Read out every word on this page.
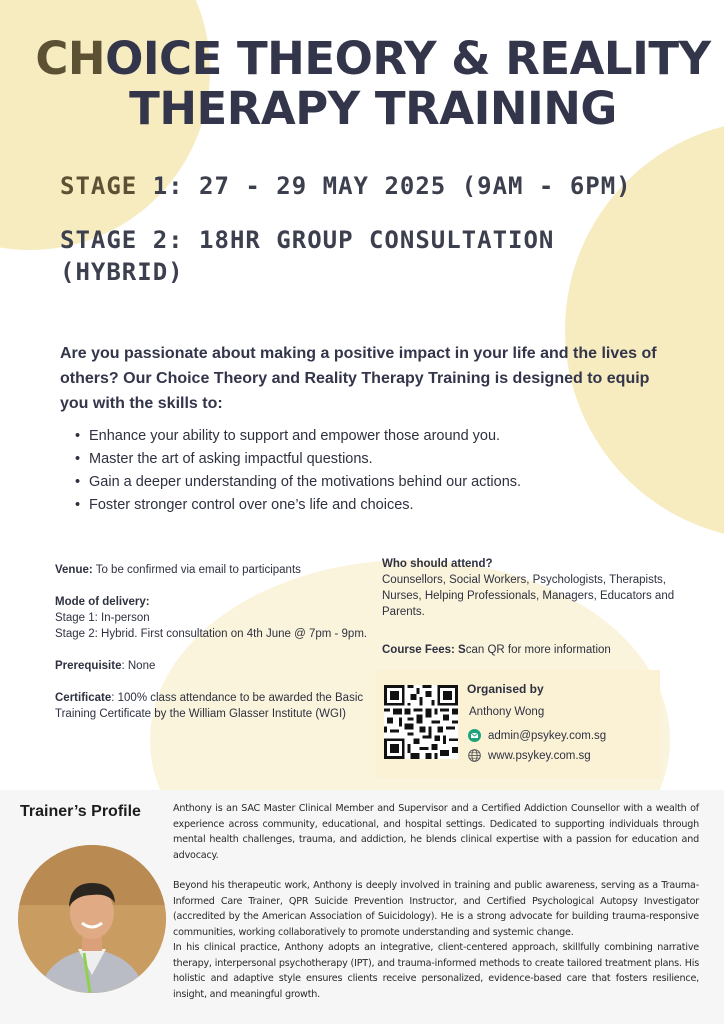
CHOICE THEORY & REALITY
THERAPY TRAINING
STAGE 1: 27 - 29 MAY 2025 (9AM - 6PM)
STAGE 2: 18HR GROUP CONSULTATION (HYBRID)

Are you passionate about making a positive impact in your life and the lives of others? Our Choice Theory and Reality Therapy Training is designed to equip you with the skills to:

• Enhance your ability to support and empower those around you.
• Master the art of asking impactful questions.
• Gain a deeper understanding of the motivations behind our actions.
• Foster stronger control over one’s life and choices.

Venue: To be confirmed via email to participants

Mode of delivery:
Stage 1: In-person
Stage 2: Hybrid. First consultation on 4th June @ 7pm - 9pm.

Prerequisite: None

Certificate: 100% class attendance to be awarded the Basic Training Certificate by the William Glasser Institute (WGI)

Who should attend?
Counsellors, Social Workers, Psychologists, Therapists, Nurses, Helping Professionals, Managers, Educators and Parents.
Course Fees: Scan QR for more information
Organised by
Anthony Wong
admin@psykey.com.sg
www.psykey.com.sg
Trainer’s Profile	Anthony is an SAC Master Clinical Member and Supervisor and a Certified Addiction Counsellor with a wealth of experience across community, educational, and hospital settings. Dedicated to supporting individuals through mental health challenges, trauma, and addiction, he blends clinical expertise with a passion for education and advocacy.

Beyond his therapeutic work, Anthony is deeply involved in training and public awareness, serving as a Trauma-Informed Care Trainer, QPR Suicide Prevention Instructor, and Certified Psychological Autopsy Investigator (accredited by the American Association of Suicidology). He is a strong advocate for building trauma-responsive communities, working collaboratively to promote understanding and systemic change.

In his clinical practice, Anthony adopts an integrative, client-centered approach, skillfully combining narrative therapy, interpersonal psychotherapy (IPT), and trauma-informed methods to create tailored treatment plans. His holistic and adaptive style ensures clients receive personalized, evidence-based care that fosters resilience, insight, and meaningful growth.
